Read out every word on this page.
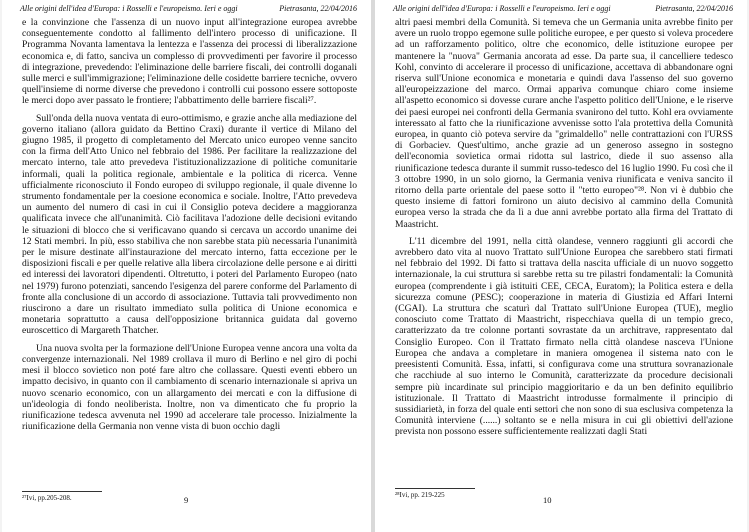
Alle origini dell'idea d'Europa: i Rosselli e l'europeismo. Ieri e oggi	Pietrasanta, 22/04/2016

e la convinzione che l'assenza di un nuovo input all'integrazione europea avrebbe conseguentemente condotto al fallimento dell'intero processo di unificazione. Il Programma Novanta lamentava la lentezza e l'assenza dei processi di liberalizzazione economica e, di fatto, sanciva un complesso di provvedimenti per favorire il processo di integrazione, prevedendo: l'eliminazione delle barriere fiscali, dei controlli doganali sulle merci e sull'immigrazione; l'eliminazione delle cosidette barriere tecniche, ovvero quell'insieme di norme diverse che prevedono i controlli cui possono essere sottoposte le merci dopo aver passato le frontiere; l'abbattimento delle barriere fiscali²⁷.

Sull'onda della nuova ventata di euro-ottimismo, e grazie anche alla mediazione del governo italiano (allora guidato da Bettino Craxi) durante il vertice di Milano del giugno 1985, il progetto di completamento del Mercato unico europeo venne sancito con la firma dell'Atto Unico nel febbraio del 1986. Per facilitare la realizzazione del mercato interno, tale atto prevedeva l'istituzionalizzazione di politiche comunitarie informali, quali la politica regionale, ambientale e la politica di ricerca. Venne ufficialmente riconosciuto il Fondo europeo di sviluppo regionale, il quale divenne lo strumento fondamentale per la coesione economica e sociale. Inoltre, l'Atto prevedeva un aumento del numero di casi in cui il Consiglio poteva decidere a maggioranza qualificata invece che all'unanimità. Ciò facilitava l'adozione delle decisioni evitando le situazioni di blocco che si verificavano quando si cercava un accordo unanime dei 12 Stati membri. In più, esso stabiliva che non sarebbe stata più necessaria l'unanimità per le misure destinate all'instaurazione del mercato interno, fatta eccezione per le disposizioni fiscali e per quelle relative alla libera circolazione delle persone e ai diritti ed interessi dei lavoratori dipendenti. Oltretutto, i poteri del Parlamento Europeo (nato nel 1979) furono potenziati, sancendo l'esigenza del parere conforme del Parlamento di fronte alla conclusione di un accordo di associazione. Tuttavia tali provvedimento non riuscirono a dare un risultato immediato sulla politica di Unione economica e monetaria soprattutto a causa dell'opposizione britannica guidata dal governo euroscettico di Margareth Thatcher.

Una nuova svolta per la formazione dell'Unione Europea venne ancora una volta da convergenze internazionali. Nel 1989 crollava il muro di Berlino e nel giro di pochi mesi il blocco sovietico non poté fare altro che collassare. Questi eventi ebbero un impatto decisivo, in quanto con il cambiamento di scenario internazionale si apriva un nuovo scenario economico, con un allargamento dei mercati e con la diffusione di un'ideologia di fondo neoliberista. Inoltre, non va dimenticato che fu proprio la riunificazione tedesca avvenuta nel 1990 ad accelerare tale processo. Inizialmente la riunificazione della Germania non venne vista di buon occhio dagli

²⁷Ivi, pp.205-208.	9
Alle origini dell'idea d'Europa: i Rosselli e l'europeismo. Ieri e oggi	Pietrasanta, 22/04/2016

altri paesi membri della Comunità. Si temeva che un Germania unita avrebbe finito per avere un ruolo troppo egemone sulle politiche europee, e per questo si voleva procedere ad un rafforzamento politico, oltre che economico, delle istituzione europee per mantenere la "nuova" Germania ancorata ad esse. Da parte sua, il cancelliere tedesco Kohl, convinto di accelerare il processo di unificazione, accettava di abbandonare ogni riserva sull'Unione economica e monetaria e quindi dava l'assenso del suo governo all'europeizzazione del marco. Ormai appariva comunque chiaro come insieme all'aspetto economico si dovesse curare anche l'aspetto politico dell'Unione, e le riserve dei paesi europei nei confronti della Germania svanirono del tutto. Kohl era ovviamente interessato al fatto che la riunificazione avvenisse sotto l'ala protettiva della Comunità europea, in quanto ciò poteva servire da "grimaldello" nelle contrattazioni con l'URSS di Gorbaciev. Quest'ultimo, anche grazie ad un generoso assegno in sostegno dell'economia sovietica ormai ridotta sul lastrico, diede il suo assenso alla riunificazione tedesca durante il summit russo-tedesco del 16 luglio 1990. Fu così che il 3 ottobre 1990, in un solo giorno, la Germania veniva riunificata e veniva sancito il ritorno della parte orientale del paese sotto il "tetto europeo"²⁸. Non vi è dubbio che questo insieme di fattori fornirono un aiuto decisivo al cammino della Comunità europea verso la strada che da lì a due anni avrebbe portato alla firma del Trattato di Maastricht.

L'11 dicembre del 1991, nella città olandese, vennero raggiunti gli accordi che avrebbero dato vita al nuovo Trattato sull'Unione Europea che sarebbero stati firmati nel febbraio del 1992. Di fatto si trattava della nascita ufficiale di un nuovo soggetto internazionale, la cui struttura si sarebbe retta su tre pilastri fondamentali: la Comunità europea (comprendente i già istituiti CEE, CECA, Euratom); la Politica estera e della sicurezza comune (PESC); cooperazione in materia di Giustizia ed Affari Interni (CGAI). La struttura che scaturì dal Trattato sull'Unione Europea (TUE), meglio conosciuto come Trattato di Maastricht, rispecchiava quella di un tempio greco, caratterizzato da tre colonne portanti sovrastate da un architrave, rappresentato dal Consiglio Europeo. Con il Trattato firmato nella città olandese nasceva l'Unione Europea che andava a completare in maniera omogenea il sistema nato con le preesistenti Comunità. Essa, infatti, si configurava come una struttura sovranazionale che racchiude al suo interno le Comunità, caratterizzate da procedure decisionali sempre più incardinate sul principio maggioritario e da un ben definito equilibrio istituzionale. Il Trattato di Maastricht introdusse formalmente il principio di sussidiarietà, in forza del quale enti settori che non sono di sua esclusiva competenza la Comunità interviene (......) soltanto se e nella misura in cui gli obiettivi dell'azione prevista non possono essere sufficientemente realizzati dagli Stati

²⁸Ivi, pp. 219-225	10
